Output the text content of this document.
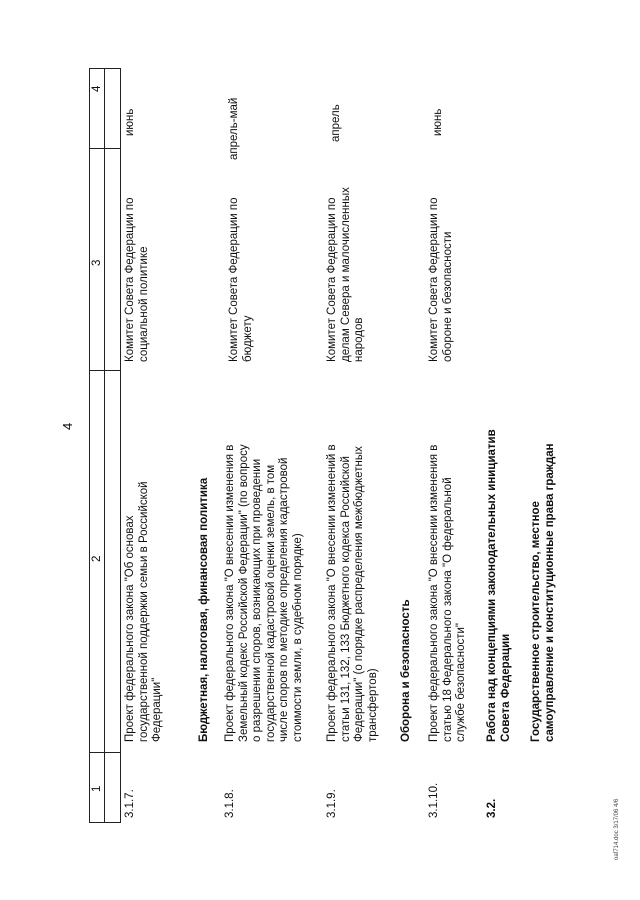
4
4
3
2
1
3.1.7.
Проект федерального закона "Об основах государственной поддержки семьи в Российской Федерации"
Комитет Совета Федерации по социальной политике
июнь
Бюджетная, налоговая, финансовая политика
3.1.8.
Проект федерального закона "О внесении изменения в Земельный кодекс Российской Федерации" (по вопросу о разрешении споров, возникающих при проведении государственной кадастровой оценки земель, в том числе споров по методике определения кадастровой стоимости земли, в судебном порядке)
Комитет Совета Федерации по бюджету
апрель-май
3.1.9.
Проект федерального закона "О внесении изменений в статьи 131, 132, 133 Бюджетного кодекса Российской Федерации" (о порядке распределения межбюджетных трансфертов)
Комитет Совета Федерации по делам Севера и малочисленных народов
апрель
Оборона и безопасность
3.1.10.
Проект федерального закона "О внесении изменения в статью 18 Федерального закона "О федеральной службе безопасности"
Комитет Совета Федерации по обороне и безопасности
июнь
3.2.
Работа над концепциями законодательных инициатив Совета Федерации Государственное строительство, местное самоуправление и конституционные права граждан
oaf714.doc 3/17/06 4/6
